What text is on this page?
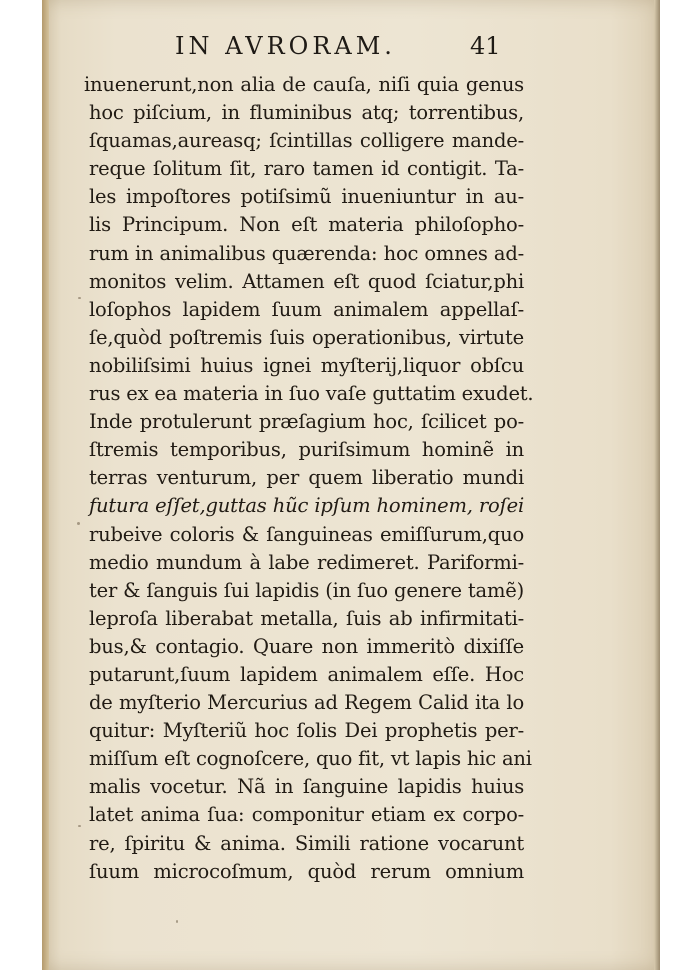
IN AVRORAM.	41
inuenerunt,non alia de cauſa, niſi quia genus
hoc piſcium, in fluminibus atq; torrentibus,
ſquamas,aureasq; ſcintillas colligere mande-
reque ſolitum ſit, raro tamen id contigit. Ta-
les impoſtores potiſsimũ inueniuntur in au-
lis Principum. Non eſt materia philoſopho-
rum in animalibus quærenda: hoc omnes ad-
monitos velim. Attamen eſt quod ſciatur,phi
loſophos lapidem ſuum animalem appellaſ-
ſe,quòd poſtremis ſuis operationibus, virtute
nobiliſsimi huius ignei myſterij,liquor obſcu
rus ex ea materia in ſuo vaſe guttatim exudet.
Inde protulerunt præſagium hoc, ſcilicet po-
ſtremis temporibus, puriſsimum hominẽ in
terras venturum, per quem liberatio mundi
futura eſſet,guttas hũc ipſum hominem, roſei
rubeive coloris & ſanguineas emiſſurum,quo
medio mundum à labe redimeret. Pariformi-
ter & ſanguis ſui lapidis (in ſuo genere tamẽ)
leproſa liberabat metalla, ſuis ab infirmitati-
bus,& contagio. Quare non immeritò dixiſſe
putarunt,ſuum lapidem animalem eſſe. Hoc
de myſterio Mercurius ad Regem Calid ita lo
quitur: Myſteriũ hoc ſolis Dei prophetis per-
miſſum eſt cognoſcere, quo fit, vt lapis hic ani
malis vocetur. Nã in ſanguine lapidis huius
latet anima ſua: componitur etiam ex corpo-
re, ſpiritu & anima. Simili ratione vocarunt
ſuum microcoſmum, quòd rerum omnium
